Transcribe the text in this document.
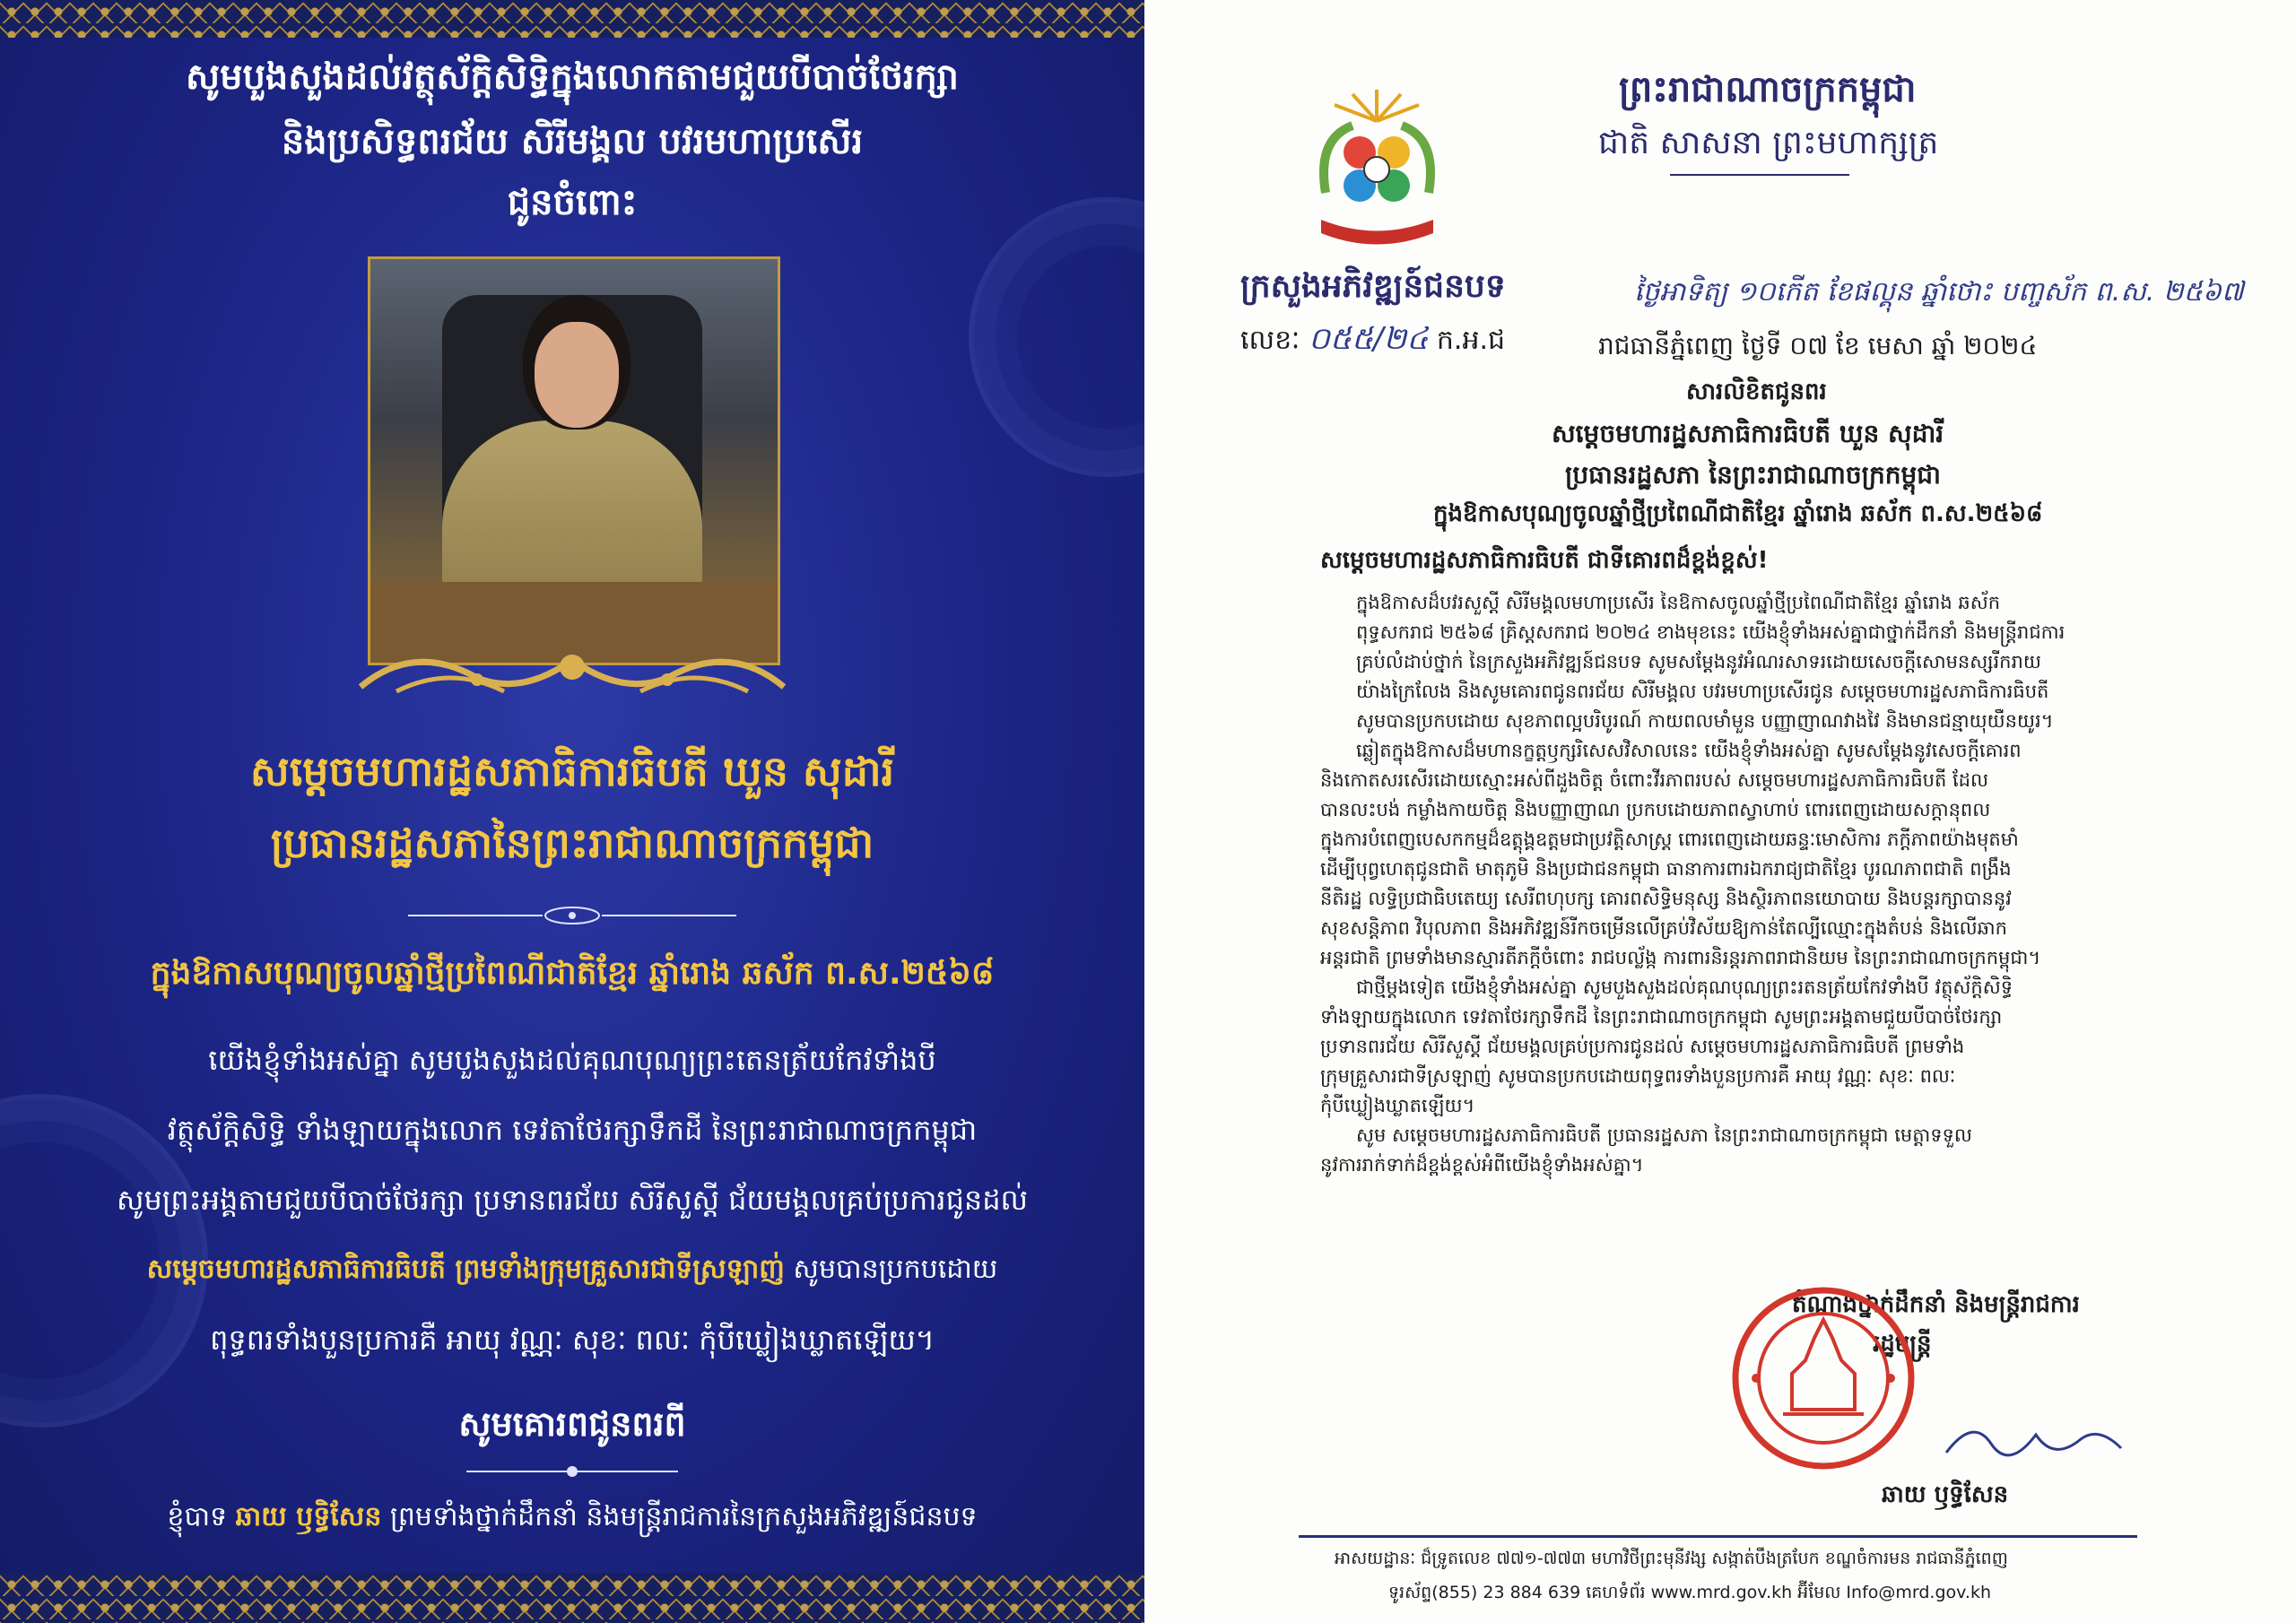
សូមបួងសួងដល់វត្ថុស័ក្តិសិទ្ធិក្នុងលោកតាមជួយបីបាច់ថែរក្សា
និងប្រសិទ្ធពរជ័យ សិរីមង្គល បវរមហាប្រសើរ
ជូនចំពោះ
សម្ដេចមហារដ្ឋសភាធិការធិបតី ឃួន សុដារី
ប្រធានរដ្ឋសភានៃព្រះរាជាណាចក្រកម្ពុជា
ក្នុងឱកាសបុណ្យចូលឆ្នាំថ្មីប្រពៃណីជាតិខ្មែរ ឆ្នាំរោង ឆស័ក ព.ស.២៥៦៨
យើងខ្ញុំទាំងអស់គ្នា សូមបួងសួងដល់គុណបុណ្យព្រះតេនត្រ័យកែវទាំងបី
វត្ថុស័ក្តិសិទ្ធិ ទាំងឡាយក្នុងលោក ទេវតាថែរក្សាទឹកដី នៃព្រះរាជាណាចក្រកម្ពុជា
សូមព្រះអង្គតាមជួយបីបាច់ថែរក្សា ប្រទានពរជ័យ សិរីសួស្តី ជ័យមង្គលគ្រប់ប្រការជូនដល់
សម្ដេចមហារដ្ឋសភាធិការធិបតី ព្រមទាំងក្រុមគ្រួសារជាទីស្រឡាញ់ សូមបានប្រកបដោយ
ពុទ្ធពរទាំងបួនប្រការគឺ អាយុ វណ្ណៈ សុខៈ ពលៈ កុំបីឃ្លៀងឃ្លាតឡើយ។
សូមគោរពជូនពរពី
ខ្ញុំបាទ ឆាយ ឫទ្ធិសែន ព្រមទាំងថ្នាក់ដឹកនាំ និងមន្ត្រីរាជការនៃក្រសួងអភិវឌ្ឍន៍ជនបទ
ព្រះរាជាណាចក្រកម្ពុជា
ជាតិ សាសនា ព្រះមហាក្សត្រ
ក្រសួងអភិវឌ្ឍន៍ជនបទ
លេខៈ ០៥៥/២៤ ក.អ.ជ
ថ្ងៃអាទិត្យ ១០កើត ខែផល្គុន ឆ្នាំថោះ បញ្ចស័ក ព.ស. ២៥៦៧
រាជធានីភ្នំពេញ ថ្ងៃទី ០៧ ខែ មេសា ឆ្នាំ ២០២៤
សារលិខិតជូនពរ
សម្ដេចមហារដ្ឋសភាធិការធិបតី ឃួន សុដារី
ប្រធានរដ្ឋសភា នៃព្រះរាជាណាចក្រកម្ពុជា
ក្នុងឱកាសបុណ្យចូលឆ្នាំថ្មីប្រពៃណីជាតិខ្មែរ ឆ្នាំរោង ឆស័ក ព.ស.២៥៦៨
សម្ដេចមហារដ្ឋសភាធិការធិបតី ជាទីគោរពដ៏ខ្ពង់ខ្ពស់!
ក្នុងឱកាសដ៏បវរសួស្តី សិរីមង្គលមហាប្រសើរ នៃឱកាសចូលឆ្នាំថ្មីប្រពៃណីជាតិខ្មែរ ឆ្នាំរោង ឆស័ក
ពុទ្ធសករាជ ២៥៦៨ គ្រិស្តសករាជ ២០២៤ ខាងមុខនេះ យើងខ្ញុំទាំងអស់គ្នាជាថ្នាក់ដឹកនាំ និងមន្ត្រីរាជការ
គ្រប់លំដាប់ថ្នាក់ នៃក្រសួងអភិវឌ្ឍន៍ជនបទ សូមសម្ដែងនូវអំណរសាទរដោយសេចក្ដីសោមនស្សរីករាយ
យ៉ាងក្រៃលែង និងសូមគោរពជូនពរជ័យ សិរីមង្គល បវរមហាប្រសើរជូន សម្ដេចមហារដ្ឋសភាធិការធិបតី
សូមបានប្រកបដោយ សុខភាពល្អបរិបូរណ៍ កាយពលមាំមួន បញ្ញាញាណវាងវៃ និងមានជន្មាយុយឺនយូរ។
ឆ្លៀតក្នុងឱកាសដ៏មហានក្ខត្តឫក្សរិសេសវិសាលនេះ យើងខ្ញុំទាំងអស់គ្នា សូមសម្ដែងនូវសេចក្ដីគោរព
និងកោតសរសើរដោយស្មោះអស់ពីដួងចិត្ត ចំពោះវីរភាពរបស់ សម្ដេចមហារដ្ឋសភាធិការធិបតី ដែល
បានលះបង់ កម្លាំងកាយចិត្ត និងបញ្ញាញាណ ប្រកបដោយភាពស្វាហាប់ ពោរពេញដោយសក្ដានុពល
ក្នុងការបំពេញបេសកកម្មដ៏ឧត្ដុង្គឧត្ដមជាប្រវត្តិសាស្ត្រ ពោរពេញដោយឆន្ទៈមោសិការ ភក្ដីភាពយ៉ាងមុតមាំ
ដើម្បីបុព្វហេតុជូនជាតិ មាតុភូមិ និងប្រជាជនកម្ពុជា ធានាការពារឯករាជ្យជាតិខ្មែរ បូរណភាពជាតិ ពង្រឹង
នីតិរដ្ឋ លទ្ធិប្រជាធិបតេយ្យ សេរីពហុបក្ស គោរពសិទ្ធិមនុស្ស និងស្ថិរភាពនយោបាយ និងបន្តរក្សាបាននូវ
សុខសន្តិភាព វិបុលភាព និងអភិវឌ្ឍន៍រីកចម្រើនលើគ្រប់វិស័យឱ្យកាន់តែល្បីឈ្មោះក្នុងតំបន់ និងលើឆាក
អន្តរជាតិ ព្រមទាំងមានស្មារតីភក្ដីចំពោះ រាជបល្ល័ង្ក ការពារនិរន្តរភាពរាជានិយម នៃព្រះរាជាណាចក្រកម្ពុជា។
ជាថ្មីម្តងទៀត យើងខ្ញុំទាំងអស់គ្នា សូមបួងសួងដល់គុណបុណ្យព្រះរតនត្រ័យកែវទាំងបី វត្ថុស័ក្តិសិទ្ធិ
ទាំងឡាយក្នុងលោក ទេវតាថែរក្សាទឹកដី នៃព្រះរាជាណាចក្រកម្ពុជា សូមព្រះអង្គតាមជួយបីបាច់ថែរក្សា
ប្រទានពរជ័យ សិរីសួស្តី ជ័យមង្គលគ្រប់ប្រការជូនដល់ សម្ដេចមហារដ្ឋសភាធិការធិបតី ព្រមទាំង
ក្រុមគ្រួសារជាទីស្រឡាញ់ សូមបានប្រកបដោយពុទ្ធពរទាំងបួនប្រការគឺ អាយុ វណ្ណៈ សុខៈ ពលៈ
កុំបីឃ្លៀងឃ្លាតឡើយ។
សូម សម្ដេចមហារដ្ឋសភាធិការធិបតី ប្រធានរដ្ឋសភា នៃព្រះរាជាណាចក្រកម្ពុជា មេត្តាទទួល
នូវការរាក់ទាក់ដ៏ខ្ពង់ខ្ពស់អំពីយើងខ្ញុំទាំងអស់គ្នា។
តំណាងថ្នាក់ដឹកនាំ និងមន្ត្រីរាជការ
រដ្ឋមន្ត្រី
ឆាយ ឫទ្ធិសែន
អាសយដ្ឋានៈ ជ៏ទ្រូតលេខ ៧៧១-៧៧៣ មហាវិថីព្រះមុនីវង្ស សង្កាត់បឹងត្របែក ខណ្ឌចំការមន រាជធានីភ្នំពេញ
ទូរស័ព្ទ(855) 23 884 639 គេហទំព័រ www.mrd.gov.kh អ៊ីមែល Info@mrd.gov.kh
